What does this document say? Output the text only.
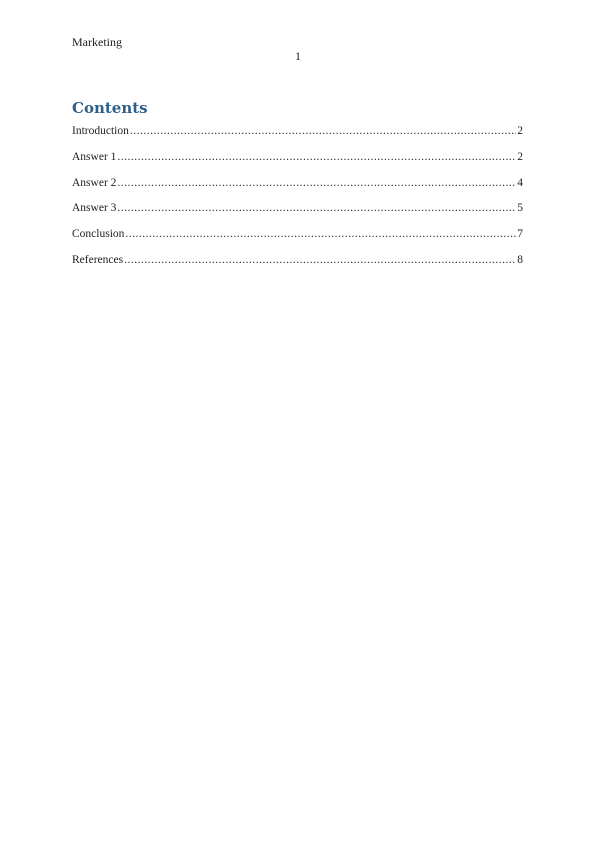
Marketing
1
Contents
Introduction .....	2
Answer 1 .....	2
Answer 2 .....	4
Answer 3 .....	5
Conclusion .....	7
References .....	8
